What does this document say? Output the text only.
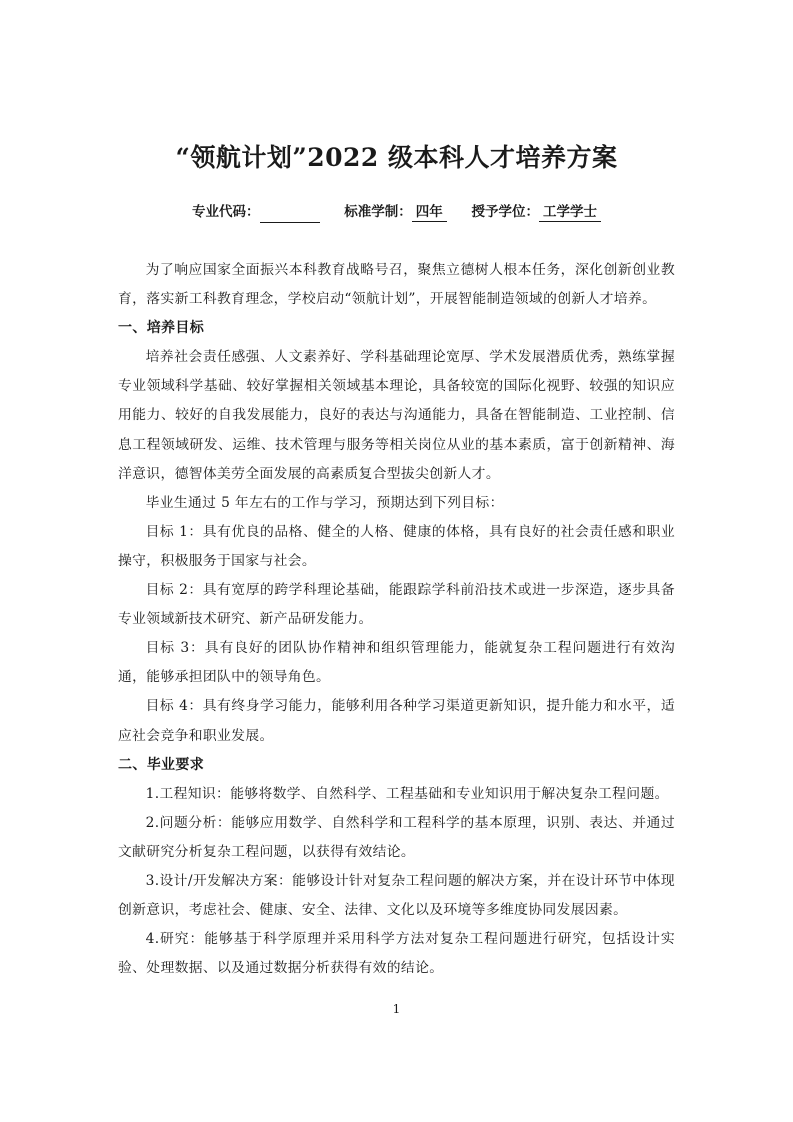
“领航计划”2022 级本科人才培养方案
专业代码：	标准学制： 四年 授予学位： 工学学士

为了响应国家全面振兴本科教育战略号召，聚焦立德树人根本任务，深化创新创业教育，落实新工科教育理念，学校启动“领航计划”，开展智能制造领域的创新人才培养。

一、培养目标

培养社会责任感强、人文素养好、学科基础理论宽厚、学术发展潜质优秀，熟练掌握专业领域科学基础、较好掌握相关领域基本理论，具备较宽的国际化视野、较强的知识应用能力、较好的自我发展能力，良好的表达与沟通能力，具备在智能制造、工业控制、信息工程领域研发、运维、技术管理与服务等相关岗位从业的基本素质，富于创新精神、海洋意识，德智体美劳全面发展的高素质复合型拔尖创新人才。

毕业生通过 5 年左右的工作与学习，预期达到下列目标：

目标 1：具有优良的品格、健全的人格、健康的体格，具有良好的社会责任感和职业操守，积极服务于国家与社会。

目标 2：具有宽厚的跨学科理论基础，能跟踪学科前沿技术或进一步深造，逐步具备专业领域新技术研究、新产品研发能力。

目标 3：具有良好的团队协作精神和组织管理能力，能就复杂工程问题进行有效沟通，能够承担团队中的领导角色。

目标 4：具有终身学习能力，能够利用各种学习渠道更新知识，提升能力和水平，适应社会竞争和职业发展。

二、毕业要求

1.工程知识：能够将数学、自然科学、工程基础和专业知识用于解决复杂工程问题。

2.问题分析：能够应用数学、自然科学和工程科学的基本原理，识别、表达、并通过文献研究分析复杂工程问题，以获得有效结论。

3.设计/开发解决方案：能够设计针对复杂工程问题的解决方案，并在设计环节中体现创新意识，考虑社会、健康、安全、法律、文化以及环境等多维度协同发展因素。

4.研究：能够基于科学原理并采用科学方法对复杂工程问题进行研究，包括设计实验、处理数据、以及通过数据分析获得有效的结论。

1
